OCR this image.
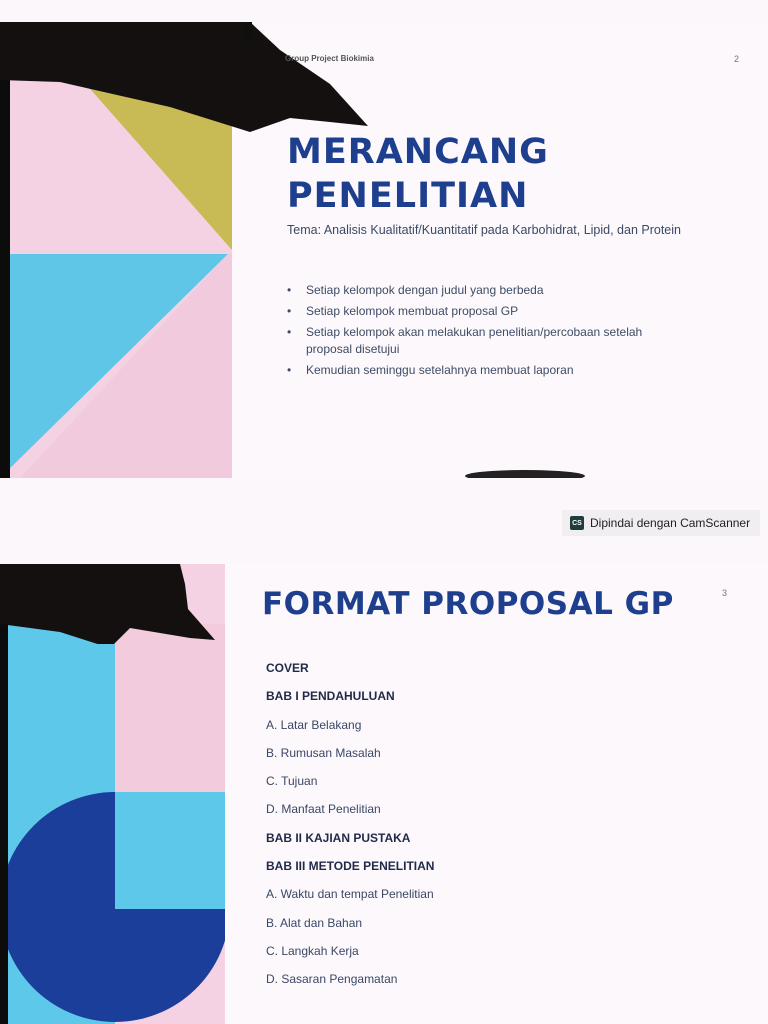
Group Project Biokimia	2
MERANCANG
PENELITIAN
Tema: Analisis Kualitatif/Kuantitatif pada Karbohidrat, Lipid, dan Protein
• Setiap kelompok dengan judul yang berbeda
• Setiap kelompok membuat proposal GP
• Setiap kelompok akan melakukan penelitian/percobaan setelah proposal disetujui
• Kemudian seminggu setelahnya membuat laporan
CS Dipindai dengan CamScanner
FORMAT PROPOSAL GP	3
COVER
BAB I PENDAHULUAN
A. Latar Belakang
B. Rumusan Masalah
C. Tujuan
D. Manfaat Penelitian
BAB II KAJIAN PUSTAKA
BAB III METODE PENELITIAN
A. Waktu dan tempat Penelitian
B. Alat dan Bahan
C. Langkah Kerja
D. Sasaran Pengamatan
